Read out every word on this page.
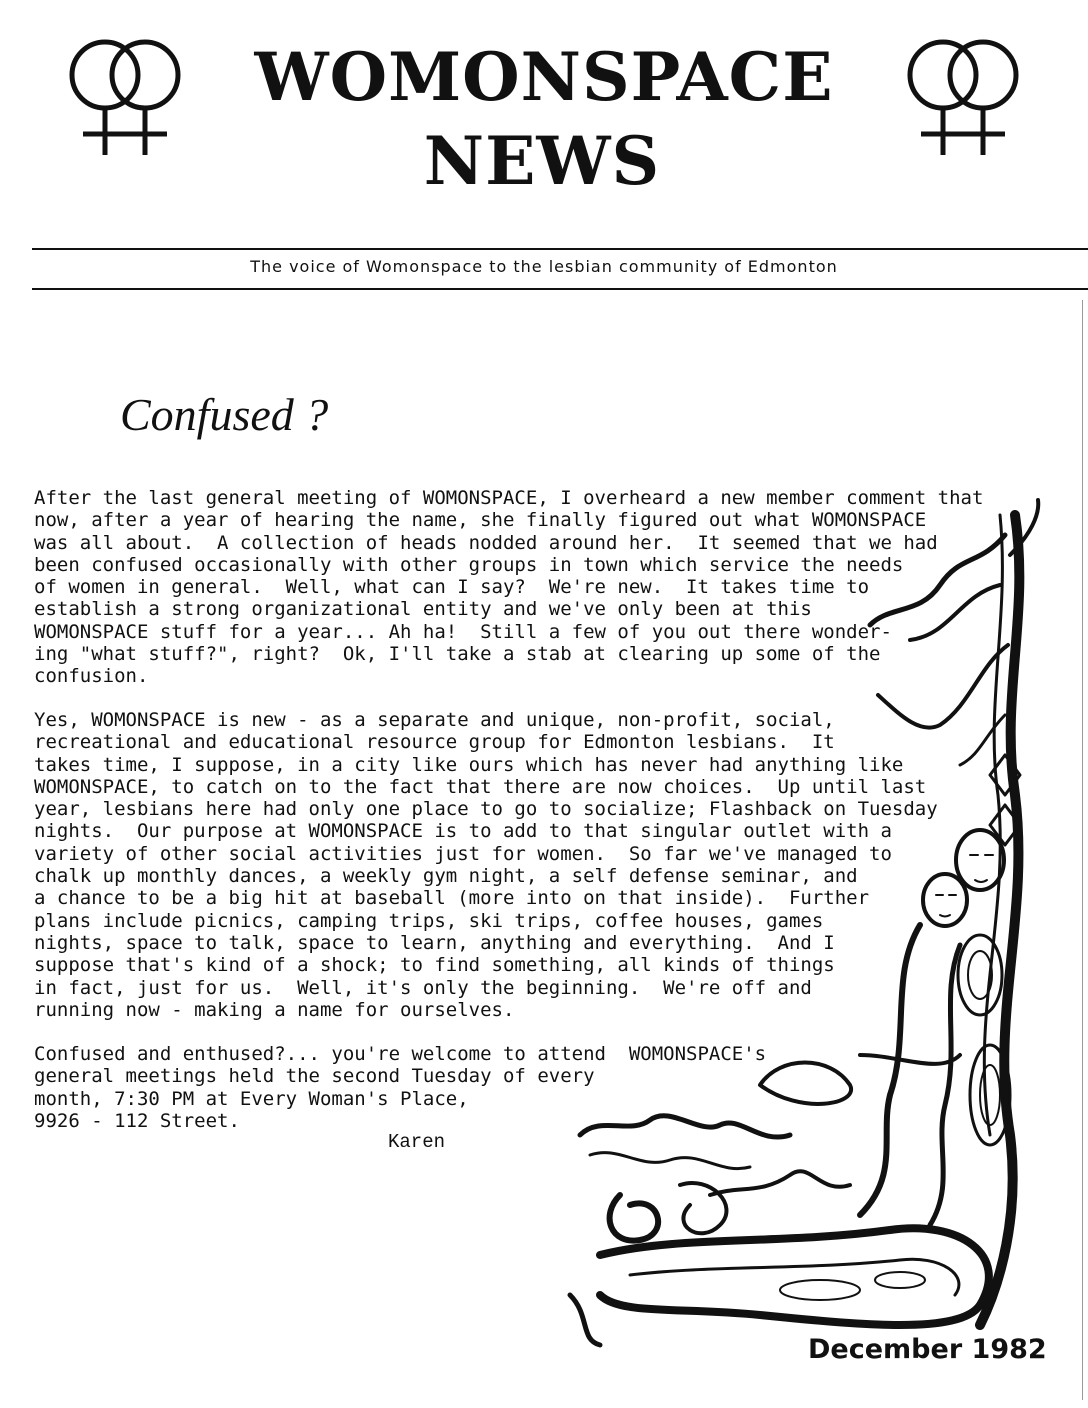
WOMONSPACE
NEWS
The voice of Womonspace to the lesbian community of Edmonton
Confused ?
After the last general meeting of WOMONSPACE, I overheard a new member comment that
now, after a year of hearing the name, she finally figured out what WOMONSPACE
was all about.  A collection of heads nodded around her.  It seemed that we had
been confused occasionally with other groups in town which service the needs
of women in general.  Well, what can I say?  We're new.  It takes time to
establish a strong organizational entity and we've only been at this
WOMONSPACE stuff for a year... Ah ha!  Still a few of you out there wonder-
ing "what stuff?", right?  Ok, I'll take a stab at clearing up some of the
confusion.
Yes, WOMONSPACE is new - as a separate and unique, non-profit, social,
recreational and educational resource group for Edmonton lesbians.  It
takes time, I suppose, in a city like ours which has never had anything like
WOMONSPACE, to catch on to the fact that there are now choices.  Up until last
year, lesbians here had only one place to go to socialize; Flashback on Tuesday
nights.  Our purpose at WOMONSPACE is to add to that singular outlet with a
variety of other social activities just for women.  So far we've managed to
chalk up monthly dances, a weekly gym night, a self defense seminar, and
a chance to be a big hit at baseball (more into on that inside).  Further
plans include picnics, camping trips, ski trips, coffee houses, games
nights, space to talk, space to learn, anything and everything.  And I
suppose that's kind of a shock; to find something, all kinds of things
in fact, just for us.  Well, it's only the beginning.  We're off and
running now - making a name for ourselves.
Confused and enthused?... you're welcome to attend  WOMONSPACE's
general meetings held the second Tuesday of every
month, 7:30 PM at Every Woman's Place,
9926 - 112 Street.
Karen
December 1982
